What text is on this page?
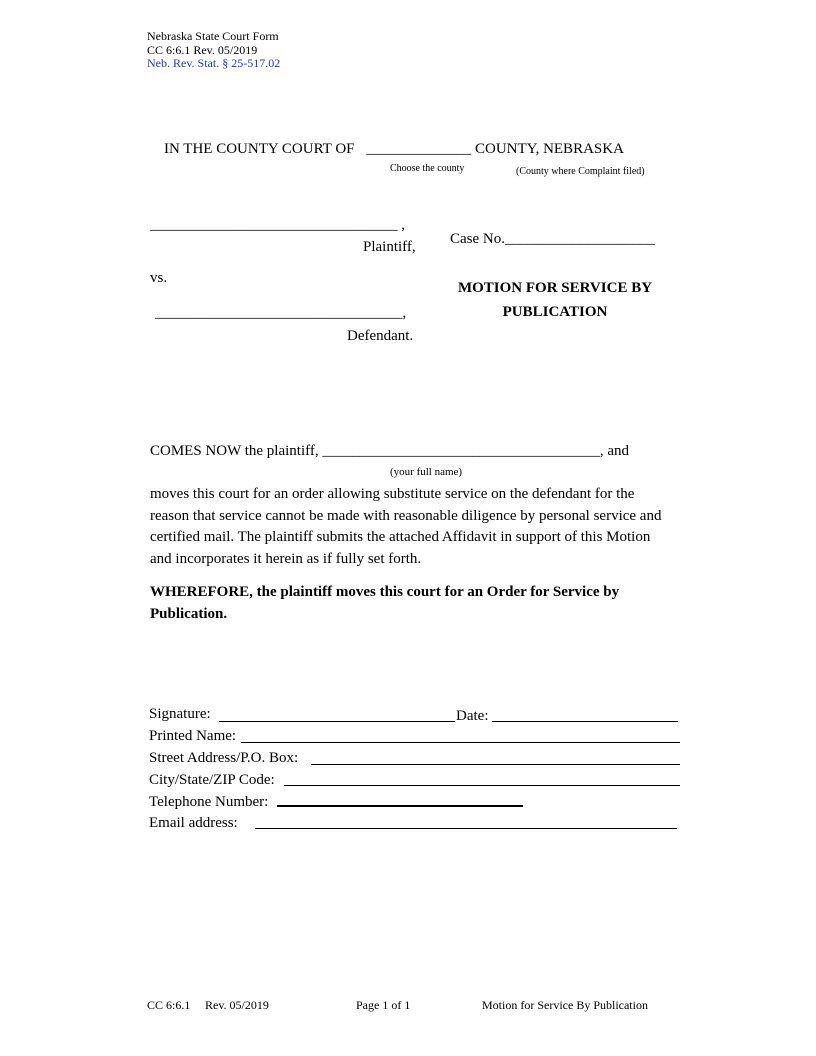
Nebraska State Court Form
CC 6:6.1 Rev. 05/2019
Neb. Rev. Stat. § 25-517.02
IN THE COUNTY COURT OF ______________ COUNTY, NEBRASKA
Choose the county	(County where Complaint filed)
_________________________________ ,
Plaintiff, Case No.____________________
vs.
MOTION FOR SERVICE BY
PUBLICATION
_________________________________,
Defendant.
COMES NOW the plaintiff, _____________________________________, and
(your full name)
moves this court for an order allowing substitute service on the defendant for the reason that service cannot be made with reasonable diligence by personal service and certified mail. The plaintiff submits the attached Affidavit in support of this Motion and incorporates it herein as if fully set forth.
WHEREFORE, the plaintiff moves this court for an Order for Service by Publication.
Signature:	Date:
Printed Name:
Street Address/P.O. Box:
City/State/ZIP Code:
Telephone Number:
Email address:
CC 6:6.1 Rev. 05/2019	Page 1 of 1	Motion for Service By Publication
